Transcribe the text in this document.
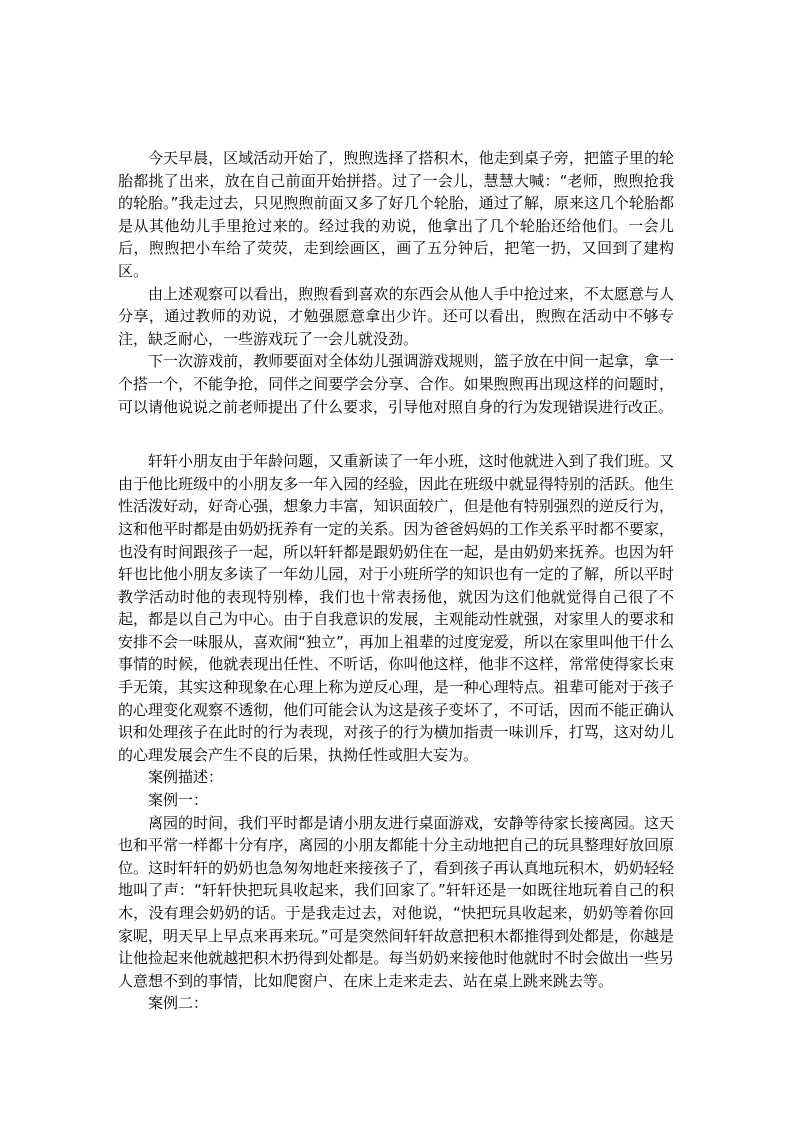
今天早晨，区域活动开始了，煦煦选择了搭积木，他走到桌子旁，把篮子里的轮胎都挑了出来，放在自己前面开始拼搭。过了一会儿，慧慧大喊：“老师，煦煦抢我的轮胎。”我走过去，只见煦煦前面又多了好几个轮胎，通过了解，原来这几个轮胎都是从其他幼儿手里抢过来的。经过我的劝说，他拿出了几个轮胎还给他们。一会儿后，煦煦把小车给了荧荧，走到绘画区，画了五分钟后，把笔一扔，又回到了建构区。

由上述观察可以看出，煦煦看到喜欢的东西会从他人手中抢过来，不太愿意与人分享，通过教师的劝说，才勉强愿意拿出少许。还可以看出，煦煦在活动中不够专注，缺乏耐心，一些游戏玩了一会儿就没劲。

下一次游戏前，教师要面对全体幼儿强调游戏规则，篮子放在中间一起拿，拿一个搭一个，不能争抢，同伴之间要学会分享、合作。如果煦煦再出现这样的问题时，可以请他说说之前老师提出了什么要求，引导他对照自身的行为发现错误进行改正。

轩轩小朋友由于年龄问题，又重新读了一年小班，这时他就进入到了我们班。又由于他比班级中的小朋友多一年入园的经验，因此在班级中就显得特别的活跃。他生性活泼好动，好奇心强，想象力丰富，知识面较广，但是他有特别强烈的逆反行为，这和他平时都是由奶奶抚养有一定的关系。因为爸爸妈妈的工作关系平时都不要家，也没有时间跟孩子一起，所以轩轩都是跟奶奶住在一起，是由奶奶来抚养。也因为轩轩也比他小朋友多读了一年幼儿园，对于小班所学的知识也有一定的了解，所以平时教学活动时他的表现特别棒，我们也十常表扬他，就因为这们他就觉得自己很了不起，都是以自己为中心。由于自我意识的发展，主观能动性就强，对家里人的要求和安排不会一味服从，喜欢闹“独立”，再加上祖辈的过度宠爱，所以在家里叫他干什么事情的时候，他就表现出任性、不听话，你叫他这样，他非不这样，常常使得家长束手无策，其实这种现象在心理上称为逆反心理，是一种心理特点。祖辈可能对于孩子的心理变化观察不透彻，他们可能会认为这是孩子变坏了，不可话，因而不能正确认识和处理孩子在此时的行为表现，对孩子的行为横加指责一味训斥，打骂，这对幼儿的心理发展会产生不良的后果，执拗任性或胆大妄为。

案例描述：

案例一：

离园的时间，我们平时都是请小朋友进行桌面游戏，安静等待家长接离园。这天也和平常一样都十分有序，离园的小朋友都能十分主动地把自己的玩具整理好放回原位。这时轩轩的奶奶也急匆匆地赶来接孩子了，看到孩子再认真地玩积木，奶奶轻轻地叫了声：“轩轩快把玩具收起来，我们回家了。”轩轩还是一如既往地玩着自己的积木，没有理会奶奶的话。于是我走过去，对他说，“快把玩具收起来，奶奶等着你回家呢，明天早上早点来再来玩。”可是突然间轩轩故意把积木都推得到处都是，你越是让他捡起来他就越把积木扔得到处都是。每当奶奶来接他时他就时不时会做出一些另人意想不到的事情，比如爬窗户、在床上走来走去、站在桌上跳来跳去等。

案例二：
